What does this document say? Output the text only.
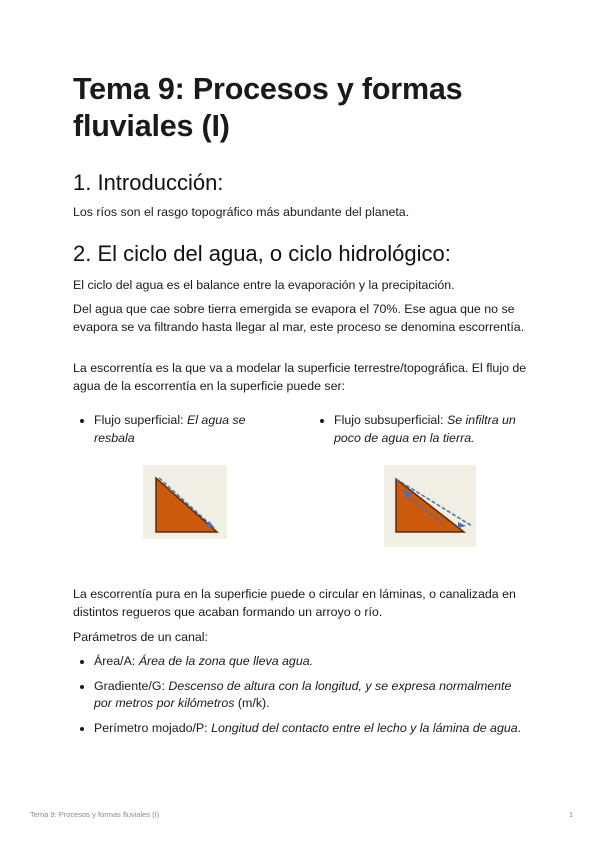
Tema 9: Procesos y formas fluviales (I)
1. Introducción:

Los ríos son el rasgo topográfico más abundante del planeta.

2. El ciclo del agua, o ciclo hidrológico:

El ciclo del agua es el balance entre la evaporación y la precipitación.

Del agua que cae sobre tierra emergida se evapora el 70%. Ese agua que no se evapora se va filtrando hasta llegar al mar, este proceso se denomina escorrentía.

La escorrentía es la que va a modelar la superficie terrestre/topográfica. El flujo de agua de la escorrentía en la superficie puede ser:

Flujo superficial: El agua se resbala
Flujo subsuperficial: Se infiltra un poco de agua en la tierra.

La escorrentía pura en la superficie puede o circular en láminas, o canalizada en distintos regueros que acaban formando un arroyo o río.

Parámetros de un canal:

Área/A: Área de la zona que lleva agua.
Gradiente/G: Descenso de altura con la longitud, y se expresa normalmente por metros por kilómetros (m/k).
Perímetro mojado/P: Longitud del contacto entre el lecho y la lámina de agua.
Tema 9: Procesos y formas fluviales (I)	1
